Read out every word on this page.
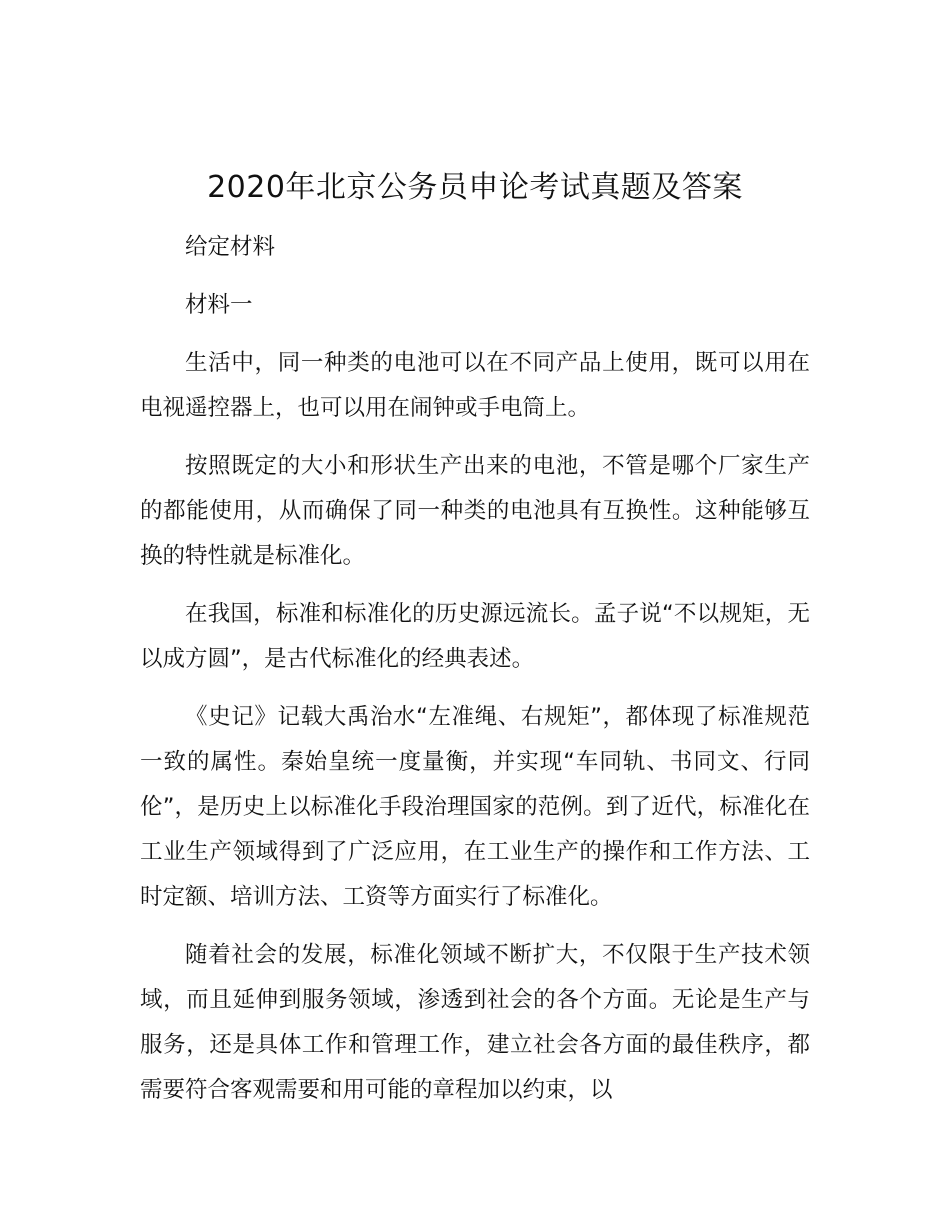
2020年北京公务员申论考试真题及答案

给定材料

材料一

生活中，同一种类的电池可以在不同产品上使用，既可以用在电视遥控器上，也可以用在闹钟或手电筒上。

按照既定的大小和形状生产出来的电池，不管是哪个厂家生产的都能使用，从而确保了同一种类的电池具有互换性。这种能够互换的特性就是标准化。

在我国，标准和标准化的历史源远流长。孟子说“不以规矩，无以成方圆”，是古代标准化的经典表述。

《史记》记载大禹治水“左准绳、右规矩”，都体现了标准规范一致的属性。秦始皇统一度量衡，并实现“车同轨、书同文、行同伦”，是历史上以标准化手段治理国家的范例。到了近代，标准化在工业生产领域得到了广泛应用，在工业生产的操作和工作方法、工时定额、培训方法、工资等方面实行了标准化。

随着社会的发展，标准化领域不断扩大，不仅限于生产技术领域，而且延伸到服务领域，渗透到社会的各个方面。无论是生产与服务，还是具体工作和管理工作，建立社会各方面的最佳秩序，都需要符合客观需要和用可能的章程加以约束，以
